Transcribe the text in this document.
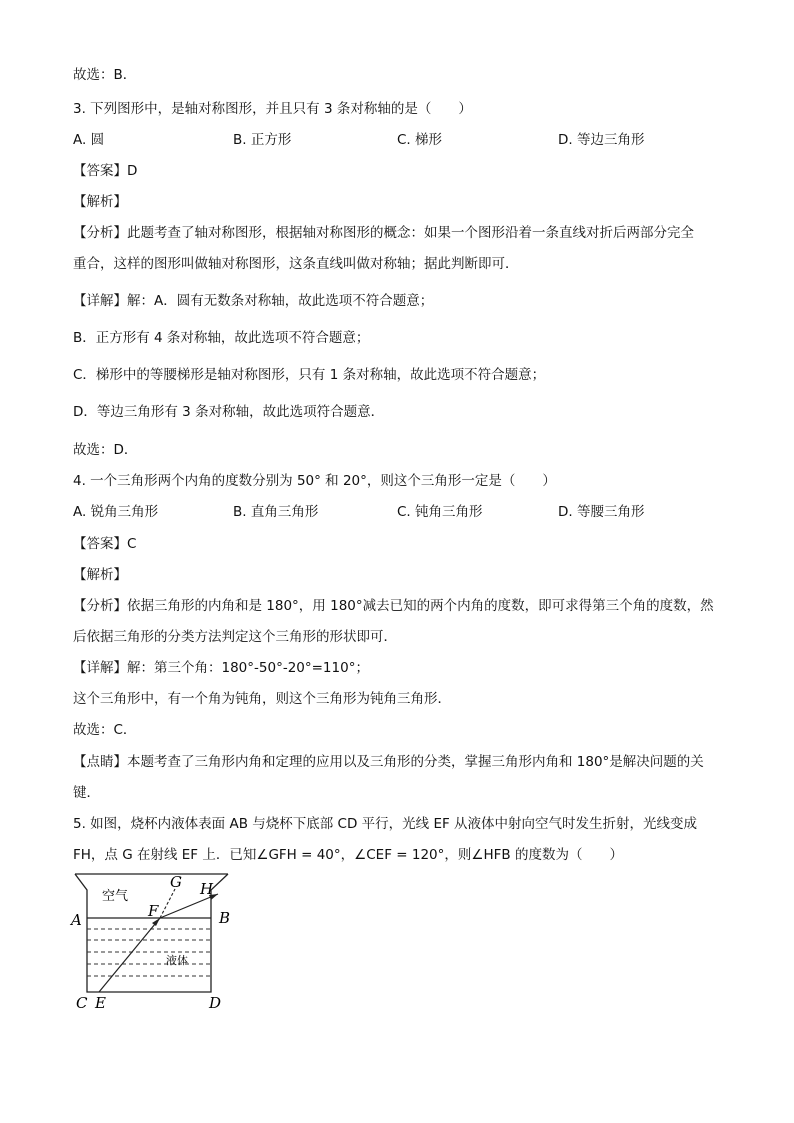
故选：B．
3. 下列图形中，是轴对称图形，并且只有 3 条对称轴的是（　　）
A. 圆	B. 正方形	C. 梯形	D. 等边三角形
【答案】D
【解析】
【分析】此题考查了轴对称图形，根据轴对称图形的概念：如果一个图形沿着一条直线对折后两部分完全
重合，这样的图形叫做轴对称图形，这条直线叫做对称轴；据此判断即可．
【详解】解：A．圆有无数条对称轴，故此选项不符合题意；
B．正方形有 4 条对称轴，故此选项不符合题意；
C．梯形中的等腰梯形是轴对称图形，只有 1 条对称轴，故此选项不符合题意；
D．等边三角形有 3 条对称轴，故此选项符合题意．
故选：D．
4. 一个三角形两个内角的度数分别为 50° 和 20°，则这个三角形一定是（　　）
A. 锐角三角形	B. 直角三角形	C. 钝角三角形	D. 等腰三角形
【答案】C
【解析】
【分析】依据三角形的内角和是 180°，用 180°减去已知的两个内角的度数，即可求得第三个角的度数，然
后依据三角形的分类方法判定这个三角形的形状即可．
【详解】解：第三个角：180°-50°-20°=110°；
这个三角形中，有一个角为钝角，则这个三角形为钝角三角形．
故选：C．
【点睛】本题考查了三角形内角和定理的应用以及三角形的分类，掌握三角形内角和 180°是解决问题的关
键．
5. 如图，烧杯内液体表面 AB 与烧杯下底部 CD 平行，光线 EF 从液体中射向空气时发生折射，光线变成
FH，点 G 在射线 EF 上．已知∠GFH = 40°，∠CEF = 120°，则∠HFB 的度数为（　　）
空气
液体
G H
F
A	B
C E	D
